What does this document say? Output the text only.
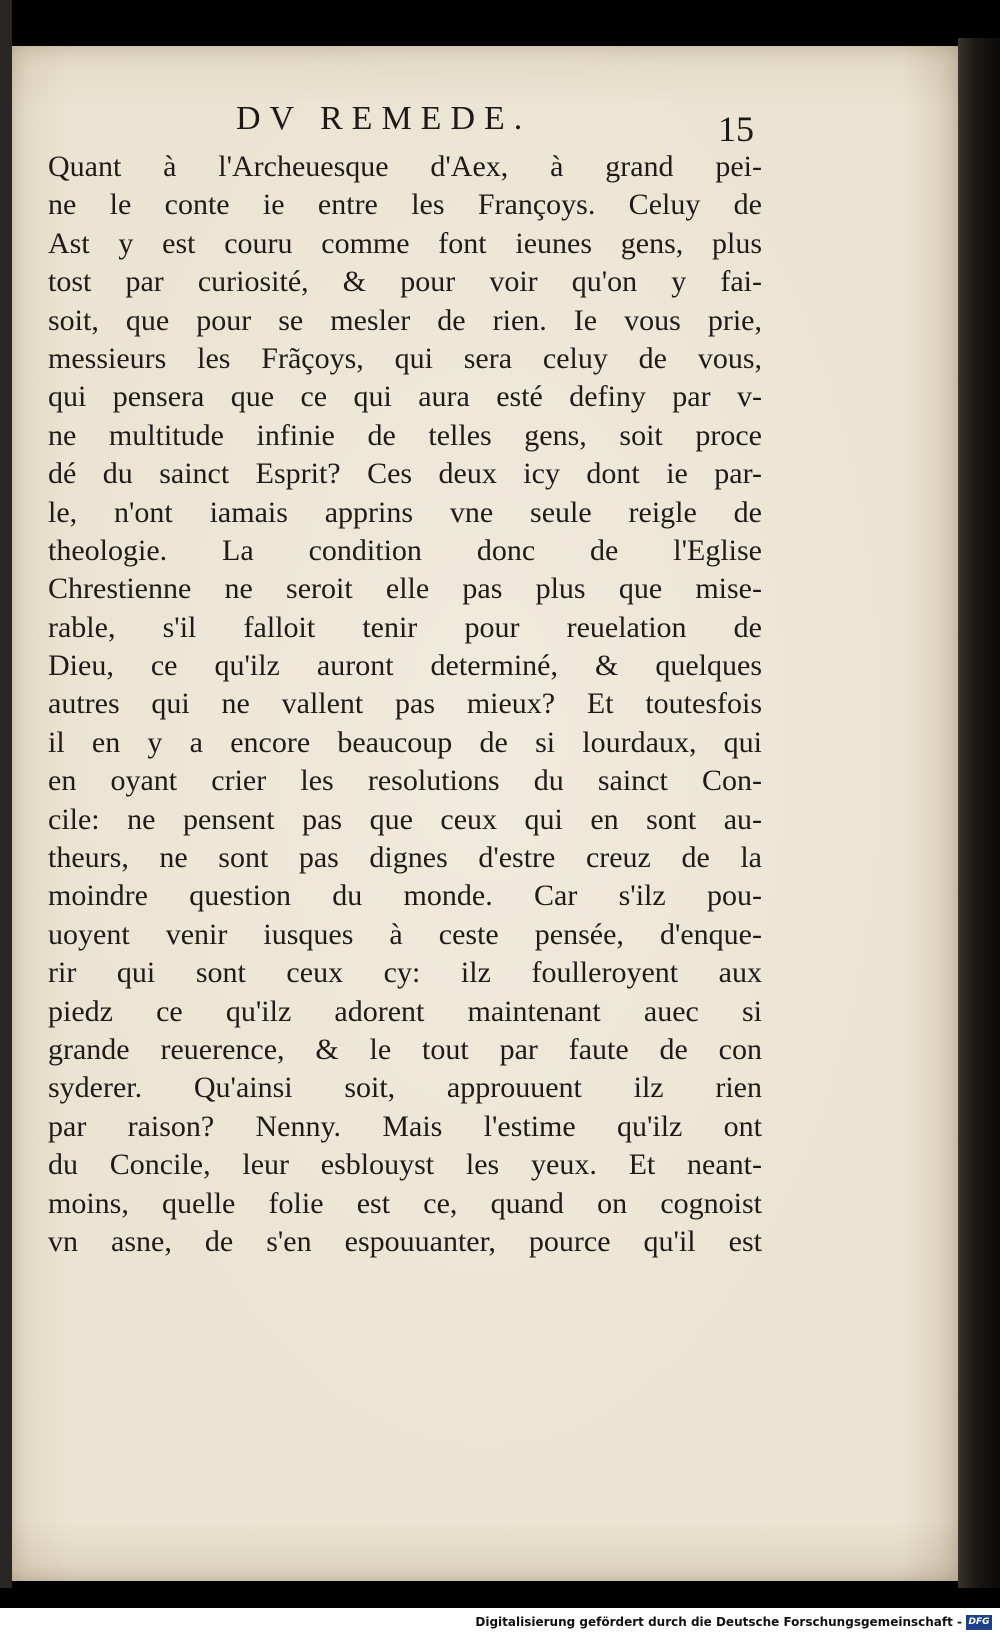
DV REMEDE.	15
Quant à l'Archeuesque d'Aex, à grand pei-
ne le conte ie entre les Françoys. Celuy de
Ast y est couru comme font ieunes gens, plus
tost par curiosité, & pour voir qu'on y fai-
soit, que pour se mesler de rien. Ie vous prie,
messieurs les Frãçoys, qui sera celuy de vous,
qui pensera que ce qui aura esté definy par v-
ne multitude infinie de telles gens, soit proce
dé du sainct Esprit? Ces deux icy dont ie par-
le, n'ont iamais apprins vne seule reigle de
theologie. La condition donc de l'Eglise
Chrestienne ne seroit elle pas plus que mise-
rable, s'il falloit tenir pour reuelation de
Dieu, ce qu'ilz auront determiné, & quelques
autres qui ne vallent pas mieux? Et toutesfois
il en y a encore beaucoup de si lourdaux, qui
en oyant crier les resolutions du sainct Con-
cile: ne pensent pas que ceux qui en sont au-
theurs, ne sont pas dignes d'estre creuz de la
moindre question du monde. Car s'ilz pou-
uoyent venir iusques à ceste pensée, d'enque-
rir qui sont ceux cy: ilz foulleroyent aux
piedz ce qu'ilz adorent maintenant auec si
grande reuerence, & le tout par faute de con
syderer. Qu'ainsi soit, approuuent ilz rien
par raison? Nenny. Mais l'estime qu'ilz ont
du Concile, leur esblouyst les yeux. Et neant-
moins, quelle folie est ce, quand on cognoist
vn asne, de s'en espouuanter, pource qu'il est
Digitalisierung gefördert durch die Deutsche Forschungsgemeinschaft - DFG
